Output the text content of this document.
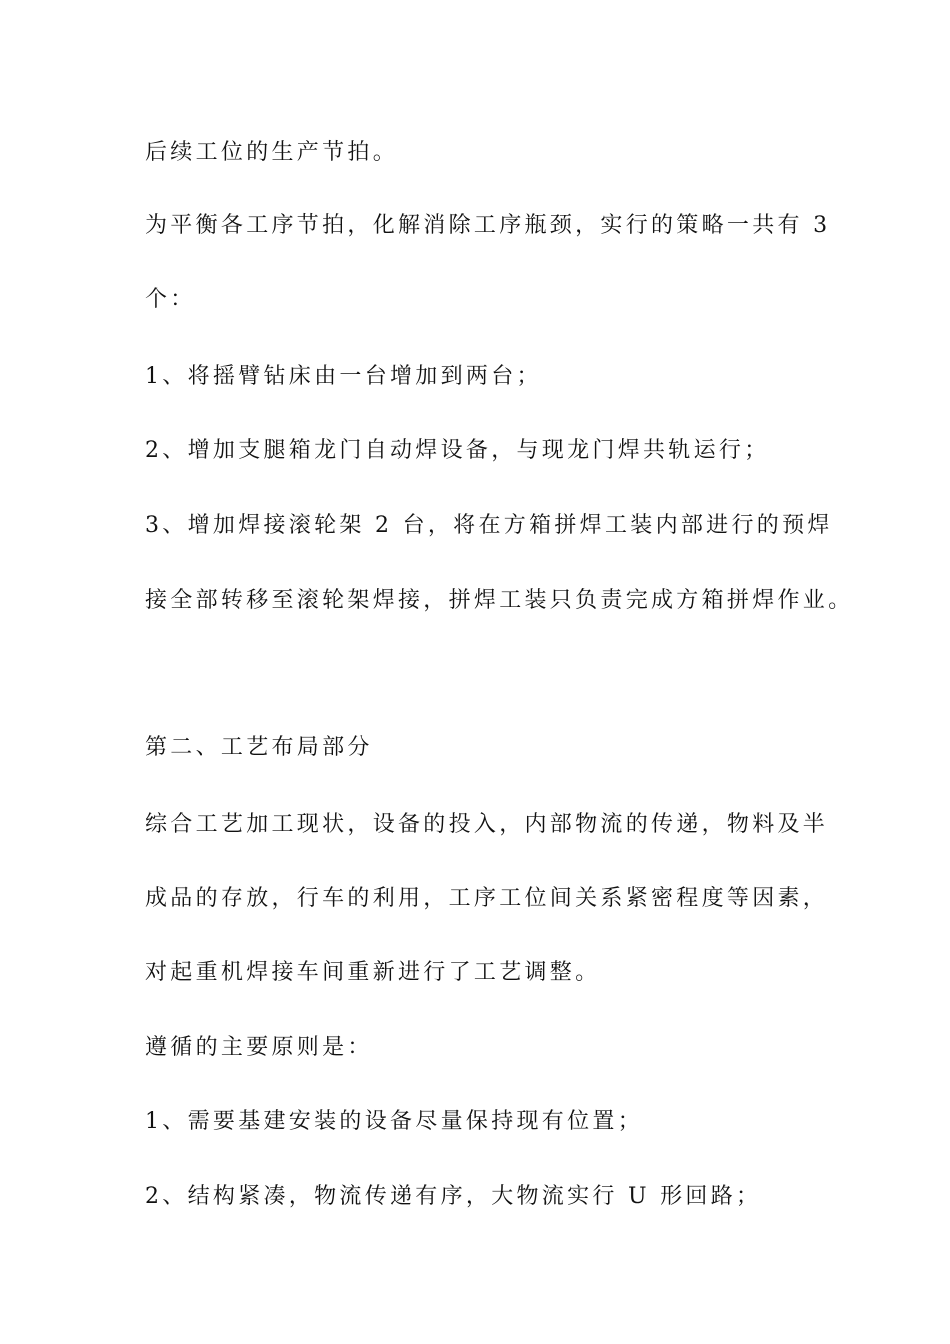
后续工位的生产节拍。

为平衡各工序节拍，化解消除工序瓶颈，实行的策略一共有 3

个：

1、将摇臂钻床由一台增加到两台；

2、增加支腿箱龙门自动焊设备，与现龙门焊共轨运行；

3、增加焊接滚轮架 2 台，将在方箱拼焊工装内部进行的预焊

接全部转移至滚轮架焊接，拼焊工装只负责完成方箱拼焊作业。

第二、工艺布局部分

综合工艺加工现状，设备的投入，内部物流的传递，物料及半

成品的存放，行车的利用，工序工位间关系紧密程度等因素，

对起重机焊接车间重新进行了工艺调整。

遵循的主要原则是：

1、需要基建安装的设备尽量保持现有位置；

2、结构紧凑，物流传递有序，大物流实行 U 形回路；
